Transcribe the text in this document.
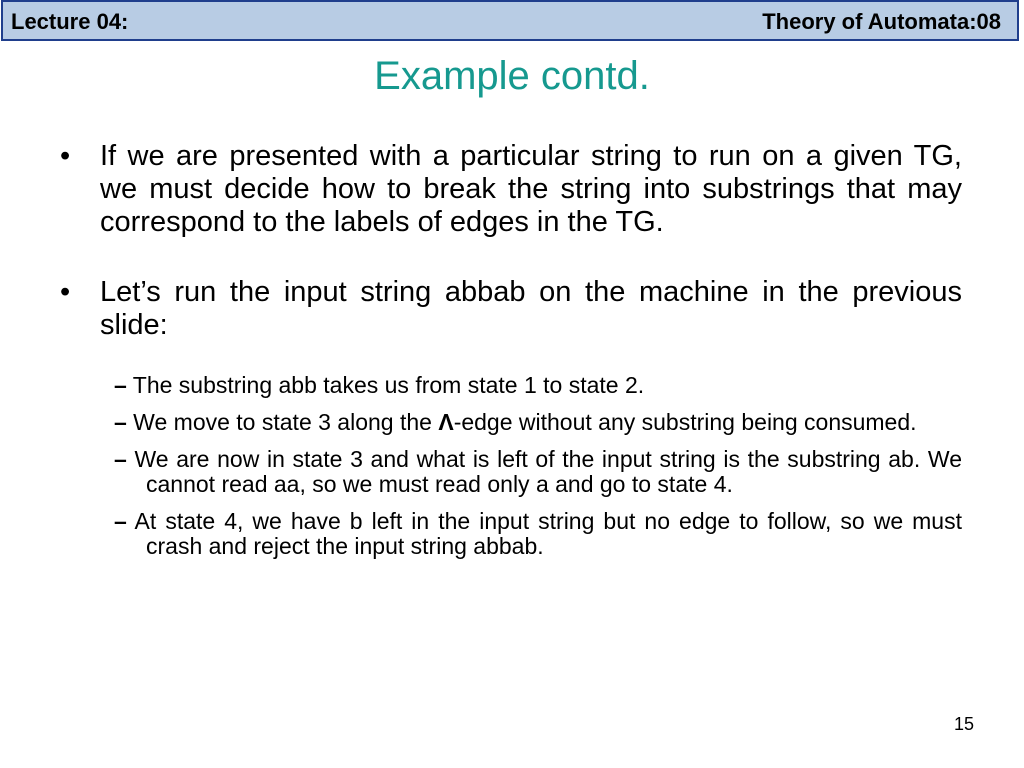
Lecture 04:	Theory of Automata:08
Example contd.
• If we are presented with a particular string to run on a given TG, we must decide how to break the string into substrings that may correspond to the labels of edges in the TG.
• Let’s run the input string abbab on the machine in the previous slide:
– The substring abb takes us from state 1 to state 2.
– We move to state 3 along the Λ-edge without any substring being consumed.
– We are now in state 3 and what is left of the input string is the substring ab. We cannot read aa, so we must read only a and go to state 4.
– At state 4, we have b left in the input string but no edge to follow, so we must crash and reject the input string abbab.
15
